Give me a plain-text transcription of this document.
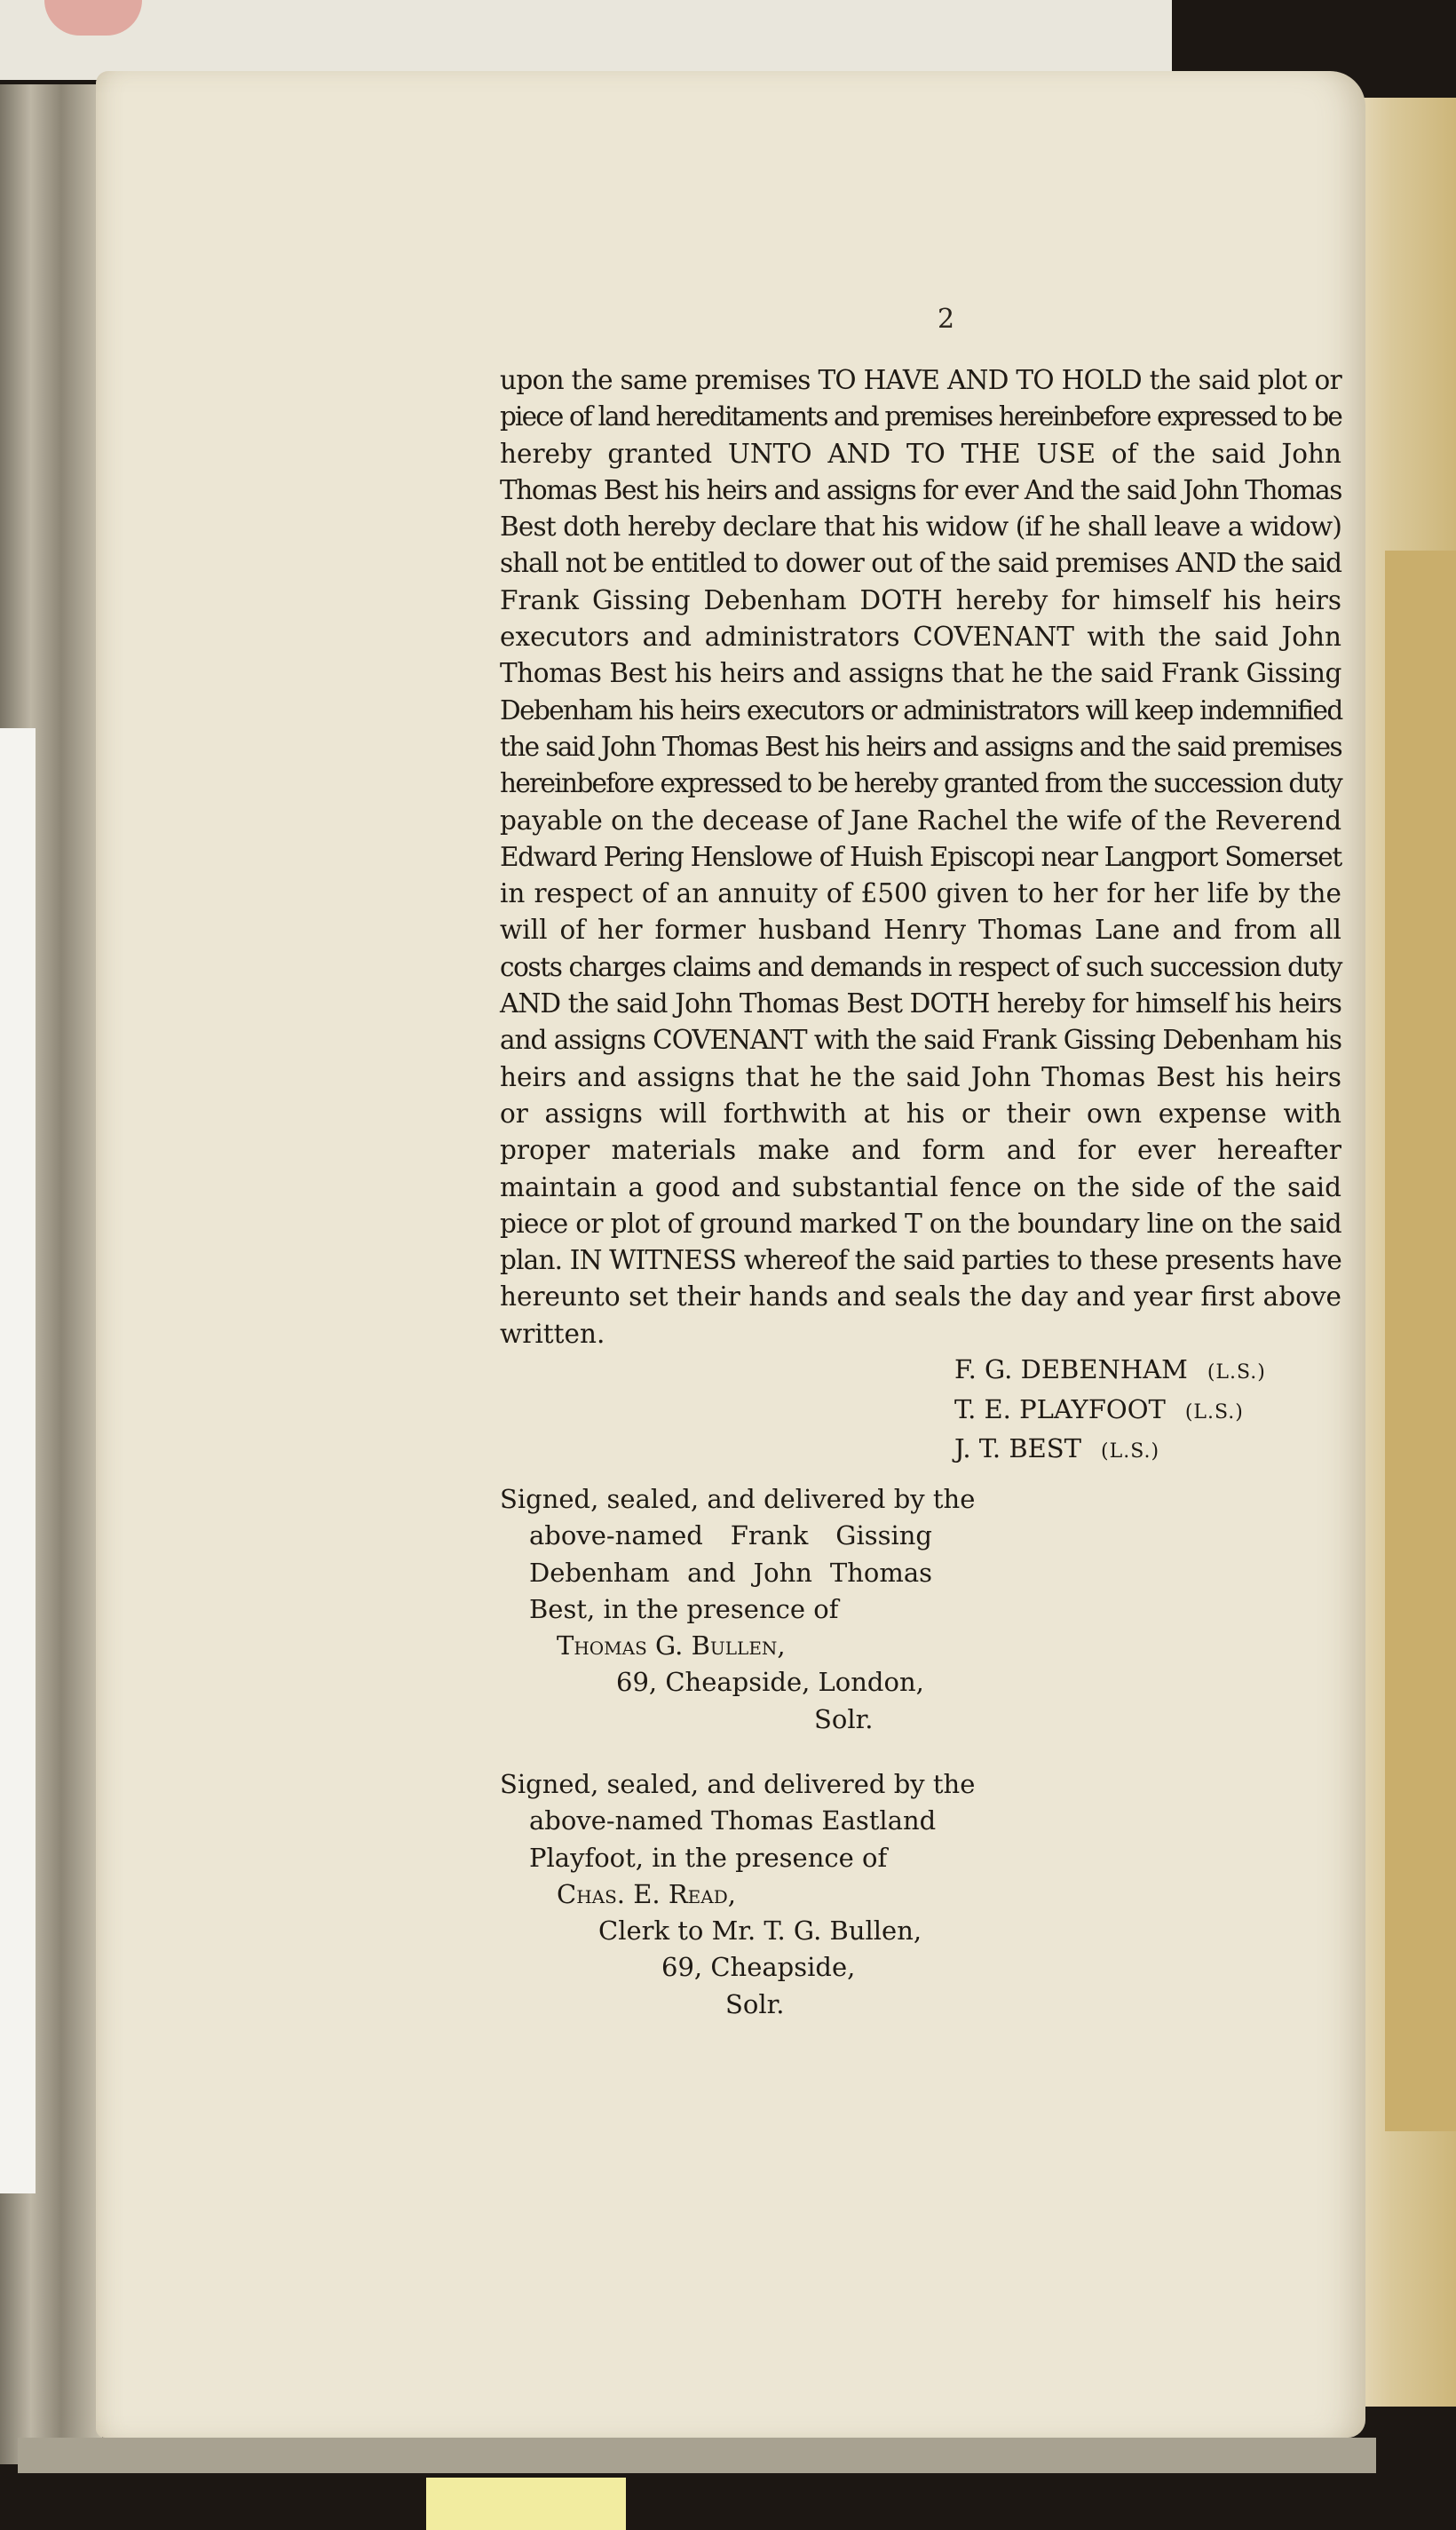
2
upon the same premises TO HAVE AND TO HOLD the said plot or
piece of land hereditaments and premises hereinbefore expressed to be
hereby granted UNTO AND TO THE USE of the said John
Thomas Best his heirs and assigns for ever And the said John Thomas
Best doth hereby declare that his widow (if he shall leave a widow)
shall not be entitled to dower out of the said premises AND the said
Frank Gissing Debenham DOTH hereby for himself his heirs
executors and administrators COVENANT with the said John
Thomas Best his heirs and assigns that he the said Frank Gissing
Debenham his heirs executors or administrators will keep indemnified
the said John Thomas Best his heirs and assigns and the said premises
hereinbefore expressed to be hereby granted from the succession duty
payable on the decease of Jane Rachel the wife of the Reverend
Edward Pering Henslowe of Huish Episcopi near Langport Somerset
in respect of an annuity of £500 given to her for her life by the
will of her former husband Henry Thomas Lane and from all
costs charges claims and demands in respect of such succession duty
AND the said John Thomas Best DOTH hereby for himself his heirs
and assigns COVENANT with the said Frank Gissing Debenham his
heirs and assigns that he the said John Thomas Best his heirs
or assigns will forthwith at his or their own expense with
proper materials make and form and for ever hereafter
maintain a good and substantial fence on the side of the said
piece or plot of ground marked T on the boundary line on the said
plan. IN WITNESS whereof the said parties to these presents have
hereunto set their hands and seals the day and year first above
written.
F. G. DEBENHAM (L.S.)
T. E. PLAYFOOT (L.S.)
J. T. BEST (L.S.)
Signed, sealed, and delivered by the
above-named Frank Gissing
Debenham and John Thomas
Best, in the presence of
Thomas G. Bullen,
69, Cheapside, London,
Solr.
Signed, sealed, and delivered by the
above-named Thomas Eastland
Playfoot, in the presence of
Chas. E. Read,
Clerk to Mr. T. G. Bullen,
69, Cheapside,
Solr.
